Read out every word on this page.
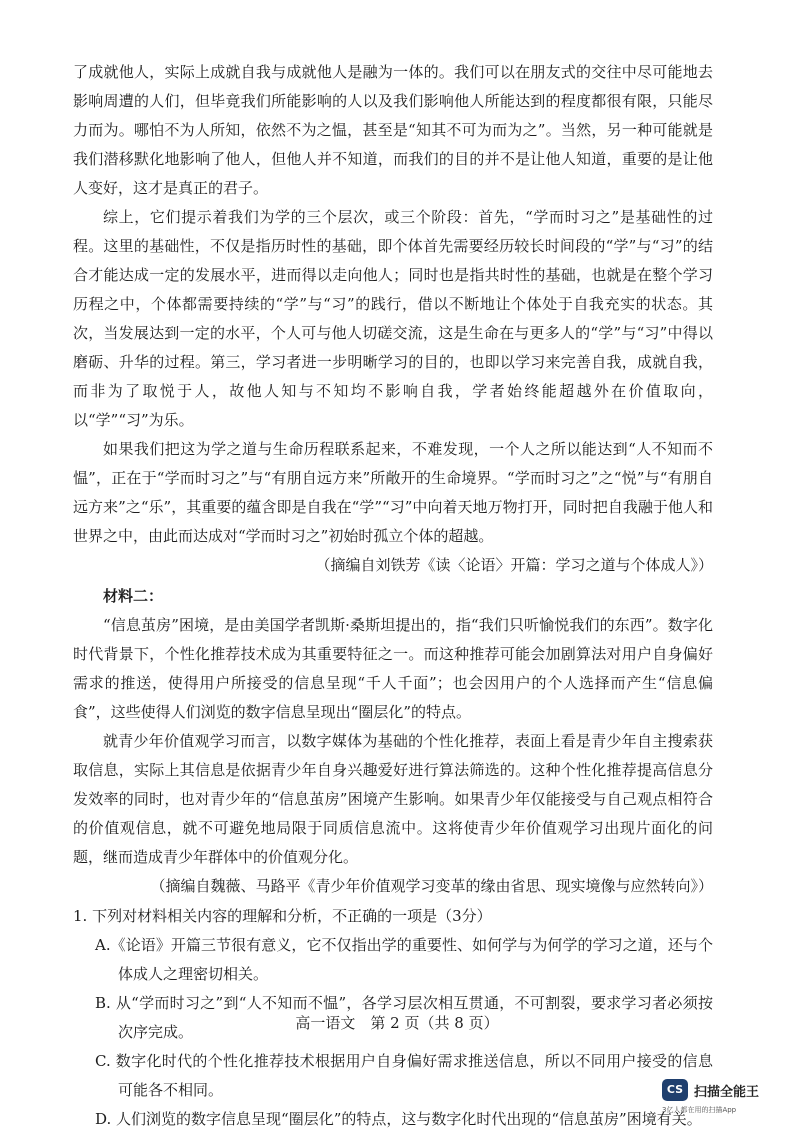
了成就他人，实际上成就自我与成就他人是融为一体的。我们可以在朋友式的交往中尽可能地去影响周遭的人们，但毕竟我们所能影响的人以及我们影响他人所能达到的程度都很有限，只能尽力而为。哪怕不为人所知，依然不为之愠，甚至是“知其不可为而为之”。当然，另一种可能就是我们潜移默化地影响了他人，但他人并不知道，而我们的目的并不是让他人知道，重要的是让他人变好，这才是真正的君子。

综上，它们提示着我们为学的三个层次，或三个阶段：首先，“学而时习之”是基础性的过程。这里的基础性，不仅是指历时性的基础，即个体首先需要经历较长时间段的“学”与“习”的结合才能达成一定的发展水平，进而得以走向他人；同时也是指共时性的基础，也就是在整个学习历程之中，个体都需要持续的“学”与“习”的践行，借以不断地让个体处于自我充实的状态。其次，当发展达到一定的水平，个人可与他人切磋交流，这是生命在与更多人的“学”与“习”中得以磨砺、升华的过程。第三，学习者进一步明晰学习的目的，也即以学习来完善自我，成就自我，而非为了取悦于人，故他人知与不知均不影响自我，学者始终能超越外在价值取向，以“学”“习”为乐。

如果我们把这为学之道与生命历程联系起来，不难发现，一个人之所以能达到“人不知而不愠”，正在于“学而时习之”与“有朋自远方来”所敞开的生命境界。“学而时习之”之“悦”与“有朋自远方来”之“乐”，其重要的蕴含即是自我在“学”“习”中向着天地万物打开，同时把自我融于他人和世界之中，由此而达成对“学而时习之”初始时孤立个体的超越。

（摘编自刘铁芳《读〈论语〉开篇：学习之道与个体成人》）

材料二：

“信息茧房”困境，是由美国学者凯斯·桑斯坦提出的，指“我们只听愉悦我们的东西”。数字化时代背景下，个性化推荐技术成为其重要特征之一。而这种推荐可能会加剧算法对用户自身偏好需求的推送，使得用户所接受的信息呈现“千人千面”；也会因用户的个人选择而产生“信息偏食”，这些使得人们浏览的数字信息呈现出“圈层化”的特点。

就青少年价值观学习而言，以数字媒体为基础的个性化推荐，表面上看是青少年自主搜索获取信息，实际上其信息是依据青少年自身兴趣爱好进行算法筛选的。这种个性化推荐提高信息分发效率的同时，也对青少年的“信息茧房”困境产生影响。如果青少年仅能接受与自己观点相符合的价值观信息，就不可避免地局限于同质信息流中。这将使青少年价值观学习出现片面化的问题，继而造成青少年群体中的价值观分化。

（摘编自魏薇、马路平《青少年价值观学习变革的缘由省思、现实境像与应然转向》）

1. 下列对材料相关内容的理解和分析，不正确的一项是（3分）

A.《论语》开篇三节很有意义，它不仅指出学的重要性、如何学与为何学的学习之道，还与个体成人之理密切相关。

B. 从“学而时习之”到“人不知而不愠”，各学习层次相互贯通，不可割裂，要求学习者必须按次序完成。

C. 数字化时代的个性化推荐技术根据用户自身偏好需求推送信息，所以不同用户接受的信息可能各不相同。

D. 人们浏览的数字信息呈现“圈层化”的特点，这与数字化时代出现的“信息茧房”困境有关。

高一语文　第 2 页（共 8 页）
CS 扫描全能王
3亿人都在用的扫描App
